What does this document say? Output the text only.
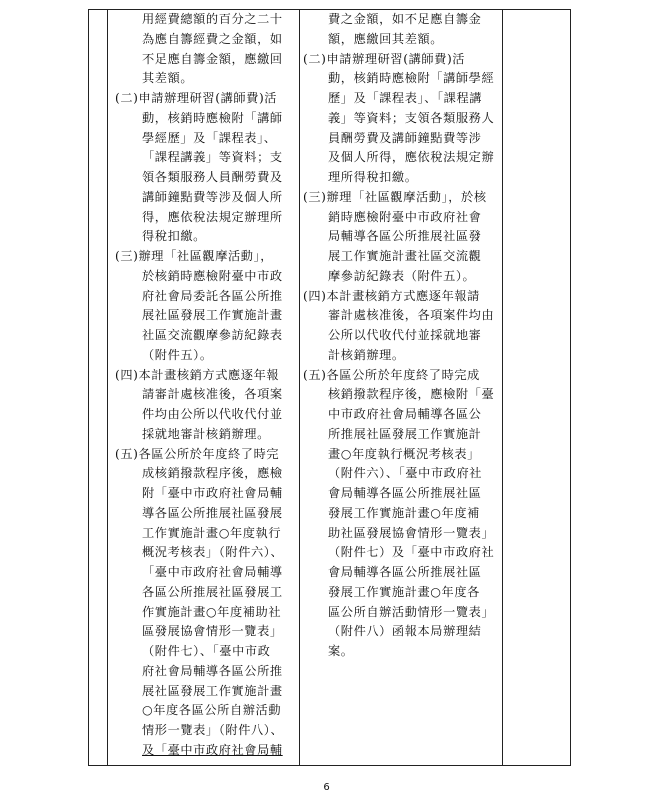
用經費總額的百分之二十
為應自籌經費之金額，如
不足應自籌金額，應繳回
其差額。
(二)申請辦理研習(講師費)活
動，核銷時應檢附「講師
學經歷」及「課程表」、
「課程講義」等資料；支
領各類服務人員酬勞費及
講師鐘點費等涉及個人所
得，應依稅法規定辦理所
得稅扣繳。
(三)辦理「社區觀摩活動」，
於核銷時應檢附臺中市政
府社會局委託各區公所推
展社區發展工作實施計畫
社區交流觀摩參訪紀錄表
（附件五）。
(四)本計畫核銷方式應逐年報
請審計處核准後，各項案
件均由公所以代收代付並
採就地審計核銷辦理。
(五)各區公所於年度終了時完
成核銷撥款程序後，應檢
附「臺中市政府社會局輔
導各區公所推展社區發展
工作實施計畫○年度執行
概況考核表」（附件六）、
「臺中市政府社會局輔導
各區公所推展社區發展工
作實施計畫○年度補助社
區發展協會情形一覽表」
（附件七）、「臺中市政
府社會局輔導各區公所推
展社區發展工作實施計畫
○年度各區公所自辦活動
情形一覽表」（附件八）、
及「臺中市政府社會局輔

費之金額，如不足應自籌金
額，應繳回其差額。
(二)申請辦理研習(講師費)活
動，核銷時應檢附「講師學經
歷」及「課程表」、「課程講
義」等資料；支領各類服務人
員酬勞費及講師鐘點費等涉
及個人所得，應依稅法規定辦
理所得稅扣繳。
(三)辦理「社區觀摩活動」，於核
銷時應檢附臺中市政府社會
局輔導各區公所推展社區發
展工作實施計畫社區交流觀
摩參訪紀錄表（附件五）。
(四)本計畫核銷方式應逐年報請
審計處核准後，各項案件均由
公所以代收代付並採就地審
計核銷辦理。
(五)各區公所於年度終了時完成
核銷撥款程序後，應檢附「臺
中市政府社會局輔導各區公
所推展社區發展工作實施計
畫○年度執行概況考核表」
（附件六）、「臺中市政府社
會局輔導各區公所推展社區
發展工作實施計畫○年度補
助社區發展協會情形一覽表」
（附件七）及「臺中市政府社
會局輔導各區公所推展社區
發展工作實施計畫○年度各
區公所自辦活動情形一覽表」
（附件八）函報本局辦理結
案。

6
